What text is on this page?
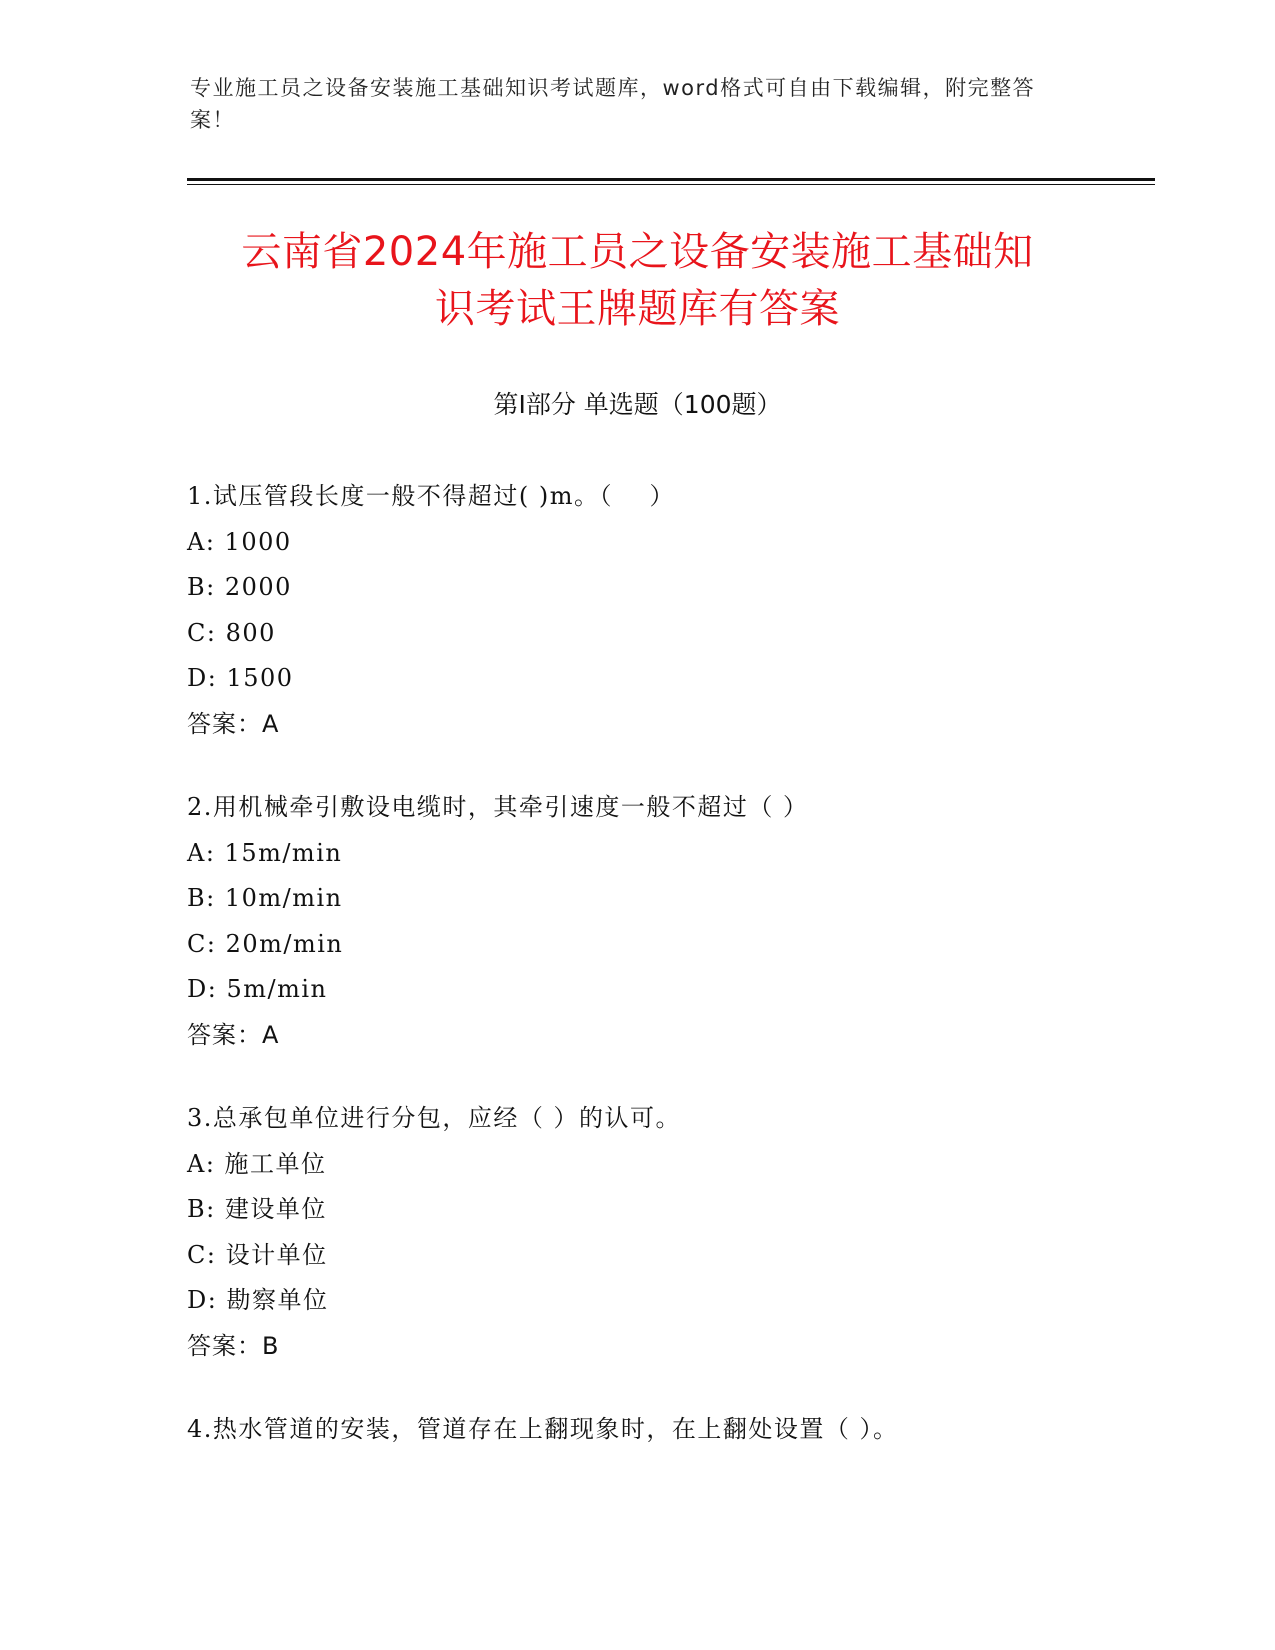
专业施工员之设备安装施工基础知识考试题库，word格式可自由下载编辑，附完整答案！
云南省2024年施工员之设备安装施工基础知
识考试王牌题库有答案
第Ⅰ部分 单选题（100题）
1.试压管段长度一般不得超过( )m。（    ）
A: 1000
B: 2000
C: 800
D: 1500
答案：A
2.用机械牵引敷设电缆时，其牵引速度一般不超过（ ）
A: 15m/min
B: 10m/min
C: 20m/min
D: 5m/min
答案：A
3.总承包单位进行分包，应经（ ）的认可。
A: 施工单位
B: 建设单位
C: 设计单位
D: 勘察单位
答案：B
4.热水管道的安装，管道存在上翻现象时，在上翻处设置（ ）。
